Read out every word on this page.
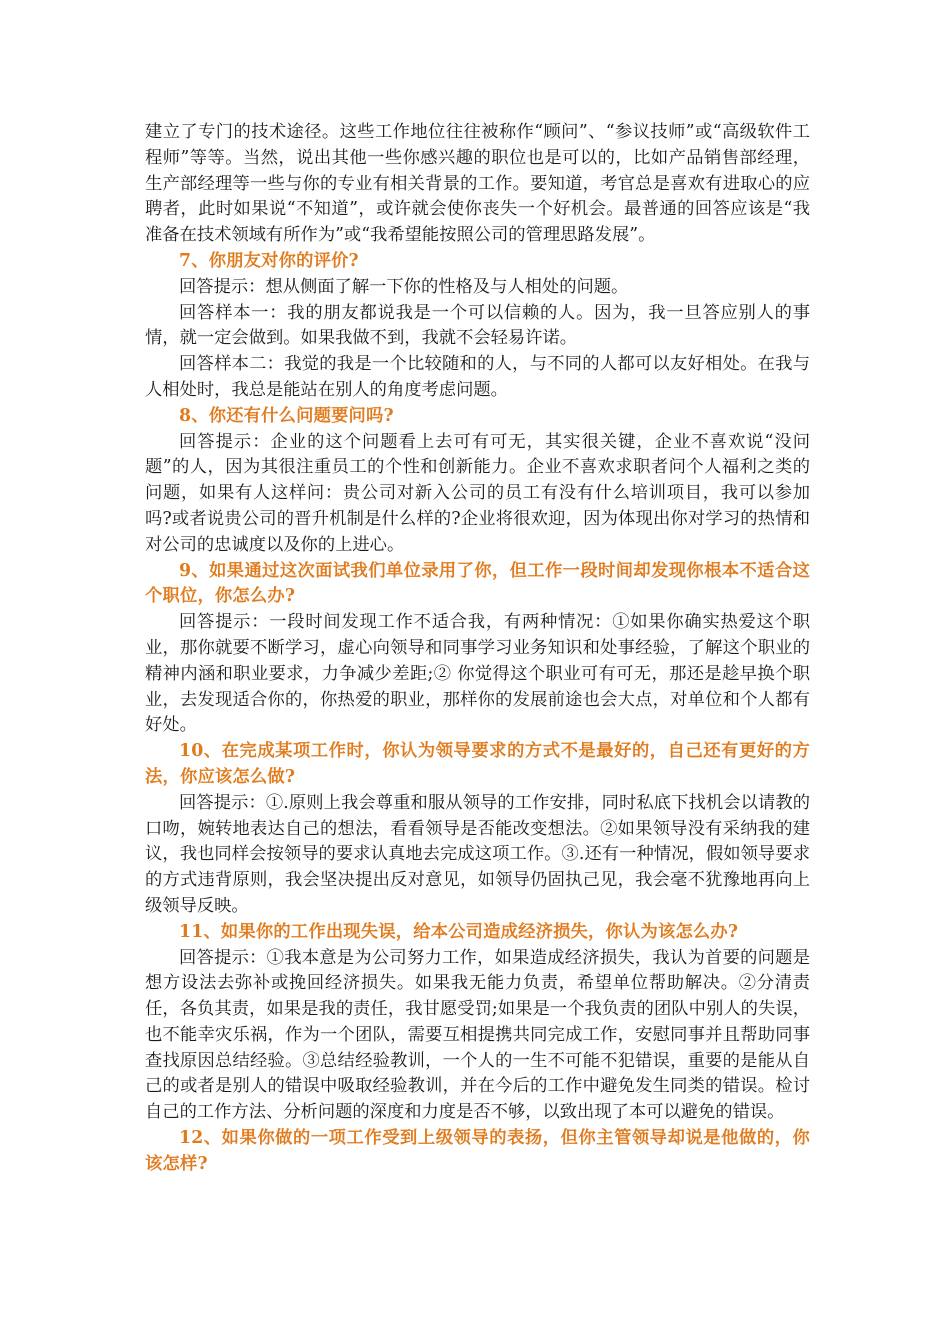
建立了专门的技术途径。这些工作地位往往被称作“顾问”、“参议技师”或“高级软件工程师”等等。当然，说出其他一些你感兴趣的职位也是可以的，比如产品销售部经理，生产部经理等一些与你的专业有相关背景的工作。要知道，考官总是喜欢有进取心的应聘者，此时如果说“不知道”，或许就会使你丧失一个好机会。最普通的回答应该是“我准备在技术领域有所作为”或“我希望能按照公司的管理思路发展”。

7、你朋友对你的评价?

回答提示：想从侧面了解一下你的性格及与人相处的问题。

回答样本一：我的朋友都说我是一个可以信赖的人。因为，我一旦答应别人的事情，就一定会做到。如果我做不到，我就不会轻易许诺。

回答样本二：我觉的我是一个比较随和的人，与不同的人都可以友好相处。在我与人相处时，我总是能站在别人的角度考虑问题。

8、你还有什么问题要问吗?

回答提示：企业的这个问题看上去可有可无，其实很关键，企业不喜欢说“没问题”的人，因为其很注重员工的个性和创新能力。企业不喜欢求职者问个人福利之类的问题，如果有人这样问：贵公司对新入公司的员工有没有什么培训项目，我可以参加吗?或者说贵公司的晋升机制是什么样的?企业将很欢迎，因为体现出你对学习的热情和对公司的忠诚度以及你的上进心。

9、如果通过这次面试我们单位录用了你，但工作一段时间却发现你根本不适合这个职位，你怎么办?

回答提示：一段时间发现工作不适合我，有两种情况：①如果你确实热爱这个职业，那你就要不断学习，虚心向领导和同事学习业务知识和处事经验，了解这个职业的精神内涵和职业要求，力争减少差距;② 你觉得这个职业可有可无，那还是趁早换个职业，去发现适合你的，你热爱的职业，那样你的发展前途也会大点，对单位和个人都有好处。

10、在完成某项工作时，你认为领导要求的方式不是最好的，自己还有更好的方法，你应该怎么做?

回答提示：①.原则上我会尊重和服从领导的工作安排，同时私底下找机会以请教的口吻，婉转地表达自己的想法，看看领导是否能改变想法。②如果领导没有采纳我的建议，我也同样会按领导的要求认真地去完成这项工作。③.还有一种情况，假如领导要求的方式违背原则，我会坚决提出反对意见，如领导仍固执己见，我会毫不犹豫地再向上级领导反映。

11、如果你的工作出现失误，给本公司造成经济损失，你认为该怎么办?

回答提示：①我本意是为公司努力工作，如果造成经济损失，我认为首要的问题是想方设法去弥补或挽回经济损失。如果我无能力负责，希望单位帮助解决。②分清责任，各负其责，如果是我的责任，我甘愿受罚;如果是一个我负责的团队中别人的失误，也不能幸灾乐祸，作为一个团队，需要互相提携共同完成工作，安慰同事并且帮助同事查找原因总结经验。③总结经验教训，一个人的一生不可能不犯错误，重要的是能从自己的或者是别人的错误中吸取经验教训，并在今后的工作中避免发生同类的错误。检讨自己的工作方法、分析问题的深度和力度是否不够，以致出现了本可以避免的错误。

12、如果你做的一项工作受到上级领导的表扬，但你主管领导却说是他做的，你该怎样?
